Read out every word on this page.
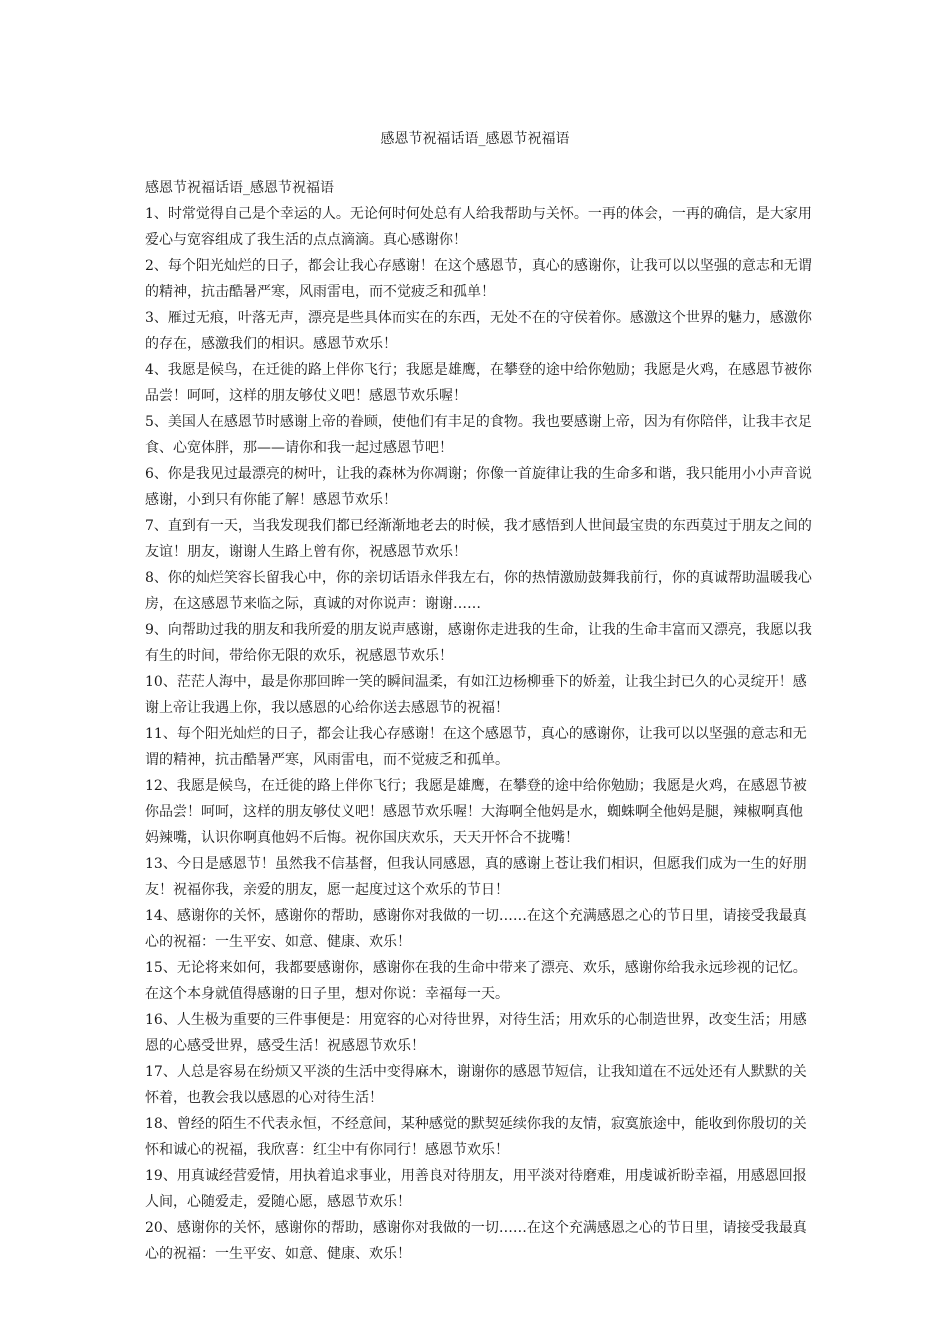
感恩节祝福话语_感恩节祝福语

感恩节祝福话语_感恩节祝福语

1、时常觉得自己是个幸运的人。无论何时何处总有人给我帮助与关怀。一再的体会，一再的确信，是大家用爱心与宽容组成了我生活的点点滴滴。真心感谢你！

2、每个阳光灿烂的日子，都会让我心存感谢！在这个感恩节，真心的感谢你，让我可以以坚强的意志和无谓的精神，抗击酷暑严寒，风雨雷电，而不觉疲乏和孤单！

3、雁过无痕，叶落无声，漂亮是些具体而实在的东西，无处不在的守侯着你。感激这个世界的魅力，感激你的存在，感激我们的相识。感恩节欢乐！

4、我愿是候鸟，在迁徙的路上伴你飞行；我愿是雄鹰，在攀登的途中给你勉励；我愿是火鸡，在感恩节被你品尝！呵呵，这样的朋友够仗义吧！感恩节欢乐喔！

5、美国人在感恩节时感谢上帝的眷顾，使他们有丰足的食物。我也要感谢上帝，因为有你陪伴，让我丰衣足食、心宽体胖，那——请你和我一起过感恩节吧！

6、你是我见过最漂亮的树叶，让我的森林为你凋谢；你像一首旋律让我的生命多和谐，我只能用小小声音说感谢，小到只有你能了解！感恩节欢乐！

7、直到有一天，当我发现我们都已经渐渐地老去的时候，我才感悟到人世间最宝贵的东西莫过于朋友之间的友谊！朋友，谢谢人生路上曾有你，祝感恩节欢乐！

8、你的灿烂笑容长留我心中，你的亲切话语永伴我左右，你的热情激励鼓舞我前行，你的真诚帮助温暖我心房，在这感恩节来临之际，真诚的对你说声：谢谢……

9、向帮助过我的朋友和我所爱的朋友说声感谢，感谢你走进我的生命，让我的生命丰富而又漂亮，我愿以我有生的时间，带给你无限的欢乐，祝感恩节欢乐！

10、茫茫人海中，最是你那回眸一笑的瞬间温柔，有如江边杨柳垂下的娇羞，让我尘封已久的心灵绽开！感谢上帝让我遇上你，我以感恩的心给你送去感恩节的祝福！

11、每个阳光灿烂的日子，都会让我心存感谢！在这个感恩节，真心的感谢你，让我可以以坚强的意志和无谓的精神，抗击酷暑严寒，风雨雷电，而不觉疲乏和孤单。

12、我愿是候鸟，在迁徙的路上伴你飞行；我愿是雄鹰，在攀登的途中给你勉励；我愿是火鸡，在感恩节被你品尝！呵呵，这样的朋友够仗义吧！感恩节欢乐喔！大海啊全他妈是水，蜘蛛啊全他妈是腿，辣椒啊真他妈辣嘴，认识你啊真他妈不后悔。祝你国庆欢乐，天天开怀合不拢嘴！

13、今日是感恩节！虽然我不信基督，但我认同感恩，真的感谢上苍让我们相识，但愿我们成为一生的好朋友！祝福你我，亲爱的朋友，愿一起度过这个欢乐的节日！

14、感谢你的关怀，感谢你的帮助，感谢你对我做的一切……在这个充满感恩之心的节日里，请接受我最真心的祝福：一生平安、如意、健康、欢乐！

15、无论将来如何，我都要感谢你，感谢你在我的生命中带来了漂亮、欢乐，感谢你给我永远珍视的记忆。在这个本身就值得感谢的日子里，想对你说：幸福每一天。

16、人生极为重要的三件事便是：用宽容的心对待世界，对待生活；用欢乐的心制造世界，改变生活；用感恩的心感受世界，感受生活！祝感恩节欢乐！

17、人总是容易在纷烦又平淡的生活中变得麻木，谢谢你的感恩节短信，让我知道在不远处还有人默默的关怀着，也教会我以感恩的心对待生活！

18、曾经的陌生不代表永恒，不经意间，某种感觉的默契延续你我的友情，寂寞旅途中，能收到你殷切的关怀和诚心的祝福，我欣喜：红尘中有你同行！感恩节欢乐！

19、用真诚经营爱情，用执着追求事业，用善良对待朋友，用平淡对待磨难，用虔诚祈盼幸福，用感恩回报人间，心随爱走，爱随心愿，感恩节欢乐！

20、感谢你的关怀，感谢你的帮助，感谢你对我做的一切……在这个充满感恩之心的节日里，请接受我最真心的祝福：一生平安、如意、健康、欢乐！
